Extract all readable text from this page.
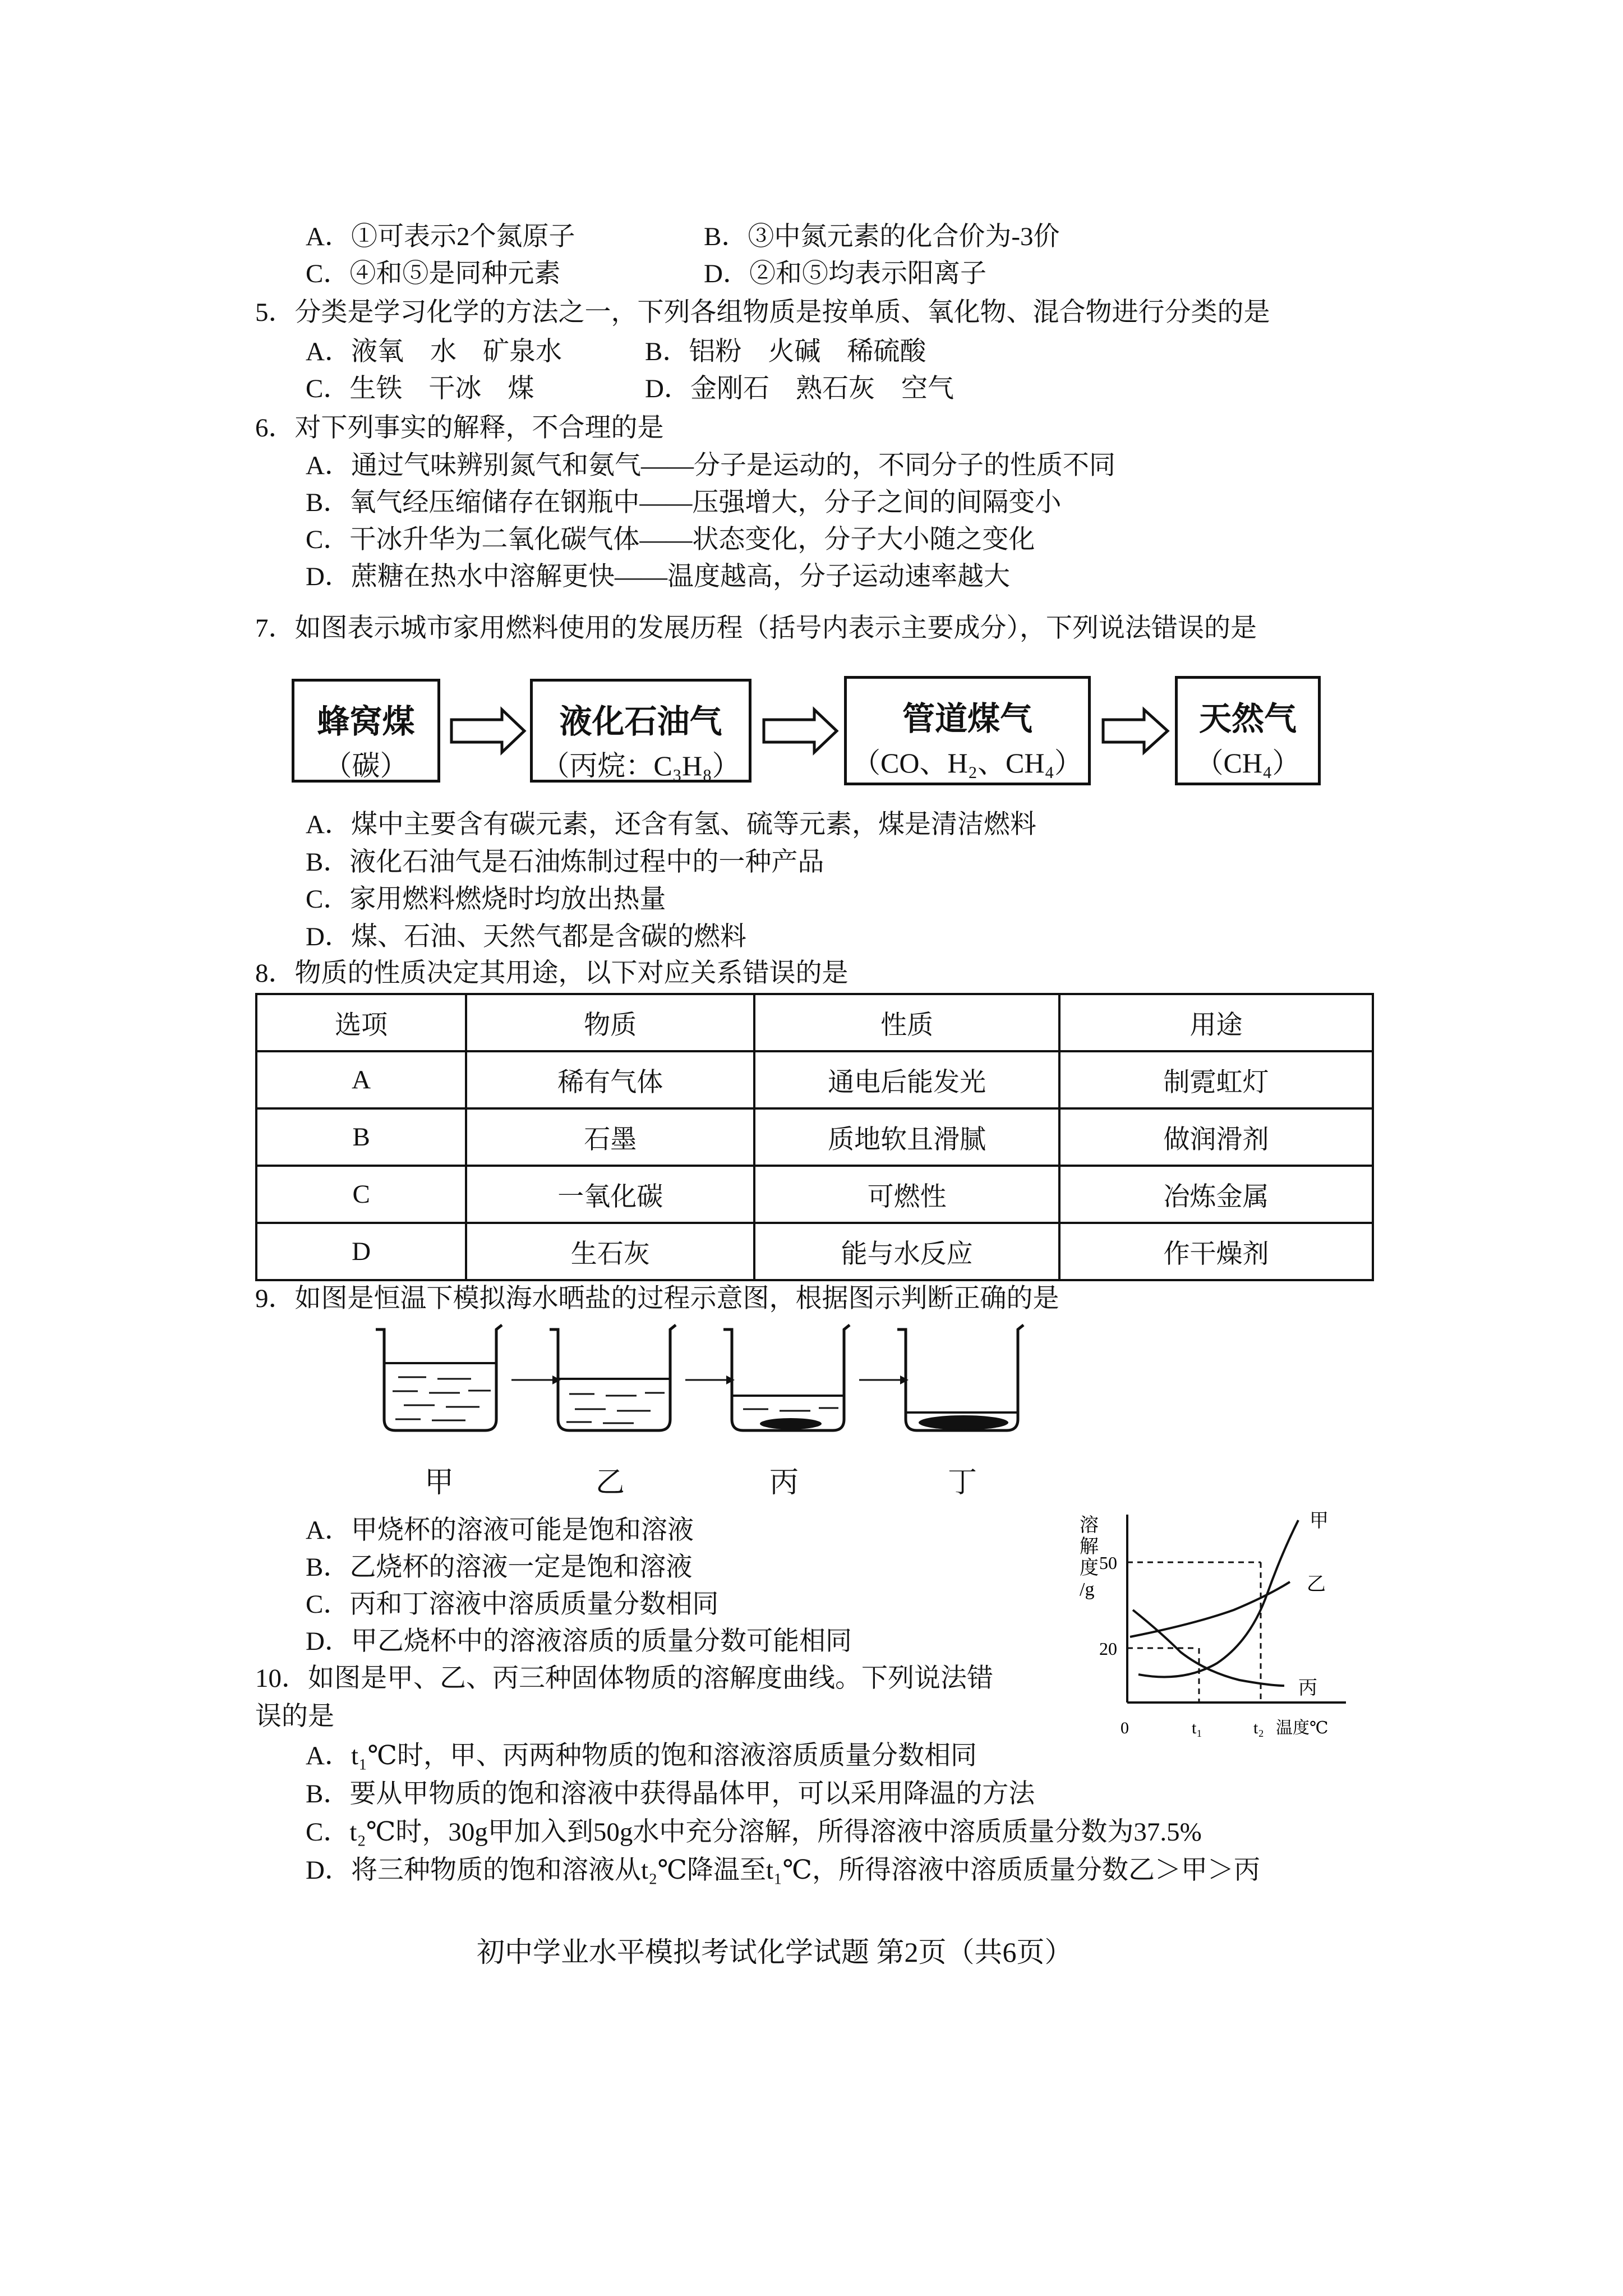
A．①可表示2个氮原子	B．③中氮元素的化合价为-3价
C．④和⑤是同种元素	D．②和⑤均表示阳离子
5．分类是学习化学的方法之一，下列各组物质是按单质、氧化物、混合物进行分类的是
A．液氧　水　矿泉水	B．铝粉　火碱　稀硫酸
C．生铁　干冰　煤	D．金刚石　熟石灰　空气
6．对下列事实的解释，不合理的是
A．通过气味辨别氮气和氨气——分子是运动的，不同分子的性质不同
B．氧气经压缩储存在钢瓶中——压强增大，分子之间的间隔变小
C．干冰升华为二氧化碳气体——状态变化，分子大小随之变化
D．蔗糖在热水中溶解更快——温度越高，分子运动速率越大
7．如图表示城市家用燃料使用的发展历程（括号内表示主要成分），下列说法错误的是
蜂窝煤
（碳）
液化石油气
（丙烷：C₃H₈）
管道煤气
（CO、H₂、CH₄）
天然气
（CH₄）
A．煤中主要含有碳元素，还含有氢、硫等元素，煤是清洁燃料
B．液化石油气是石油炼制过程中的一种产品
C．家用燃料燃烧时均放出热量
D．煤、石油、天然气都是含碳的燃料
8．物质的性质决定其用途，以下对应关系错误的是
选项	物质	性质	用途
A	稀有气体	通电后能发光	制霓虹灯
B	石墨	质地软且滑腻	做润滑剂
C	一氧化碳	可燃性	冶炼金属
D	生石灰	能与水反应	作干燥剂
9．如图是恒温下模拟海水晒盐的过程示意图，根据图示判断正确的是
甲	乙	丙	丁
A．甲烧杯的溶液可能是饱和溶液
B．乙烧杯的溶液一定是饱和溶液
C．丙和丁溶液中溶质质量分数相同
D．甲乙烧杯中的溶液溶质的质量分数可能相同
溶
解
度
/g
50
20
0	t₁	t₂ 温度℃
甲
乙
丙
10．如图是甲、乙、丙三种固体物质的溶解度曲线。下列说法错
误的是
A．t₁℃时，甲、丙两种物质的饱和溶液溶质质量分数相同
B．要从甲物质的饱和溶液中获得晶体甲，可以采用降温的方法
C．t₂℃时，30g甲加入到50g水中充分溶解，所得溶液中溶质质量分数为37.5%
D．将三种物质的饱和溶液从t₂℃降温至t₁℃，所得溶液中溶质质量分数乙＞甲＞丙
初中学业水平模拟考试化学试题 第2页（共6页）
